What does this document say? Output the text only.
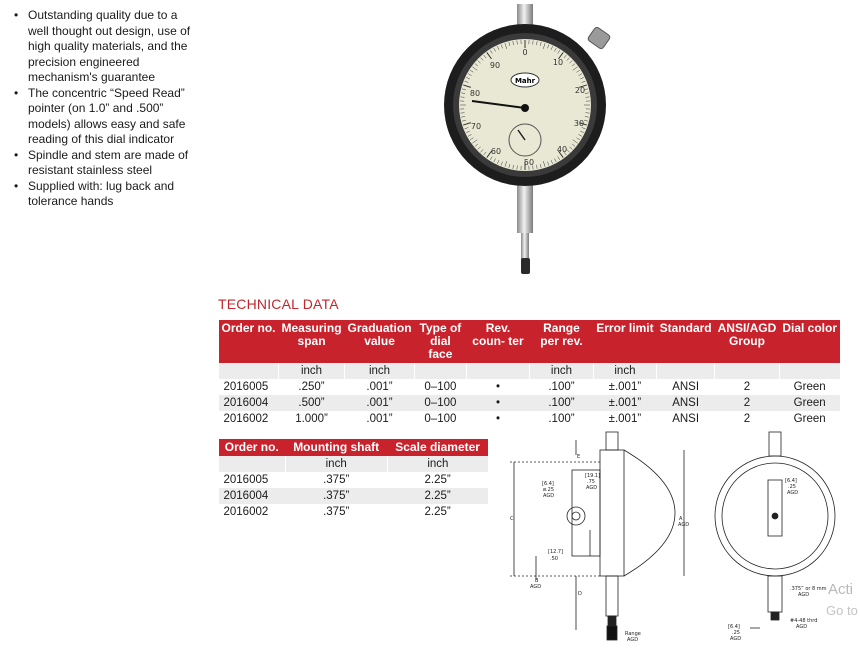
• Outstanding quality due to a well thought out design, use of high quality materials, and the precision engineered mechanism's guarantee
• The concentric “Speed Read” pointer (on 1.0” and .500” models) allows easy and safe reading of this dial indicator
• Spindle and stem are made of resistant stainless steel
• Supplied with: lug back and tolerance hands
Mahr
0
10
20
30
40
50
60
70
80
90
TECHNICAL DATA
Order no.	Measuring span	Graduation value	Type of dial face	Rev. coun- ter	Range per rev.	Error limit	Standard	ANSI/AGD Group	Dial color
	inch	inch			inch	inch			
2016005	.250”	.001”	0–100	•	.100”	±.001”	ANSI	2	Green
2016004	.500”	.001”	0–100	•	.100”	±.001”	ANSI	2	Green
2016002	1.000”	.001”	0–100	•	.100”	±.001”	ANSI	2	Green
Order no.	Mounting shaft	Scale diameter
	inch	inch
2016005	.375”	2.25”
2016004	.375”	2.25”
2016002	.375”	2.25”
E
[19.1]
.75
AGD
[6.4]
ø.25
AGD
C
[12.7]
.50
B
AGD
D
A
AGD
Range
AGD
[6.4]
.25
AGD
.375” or 8 mm
AGD
#4-48 thrd
AGD
[6.4]
.25
AGD
Acti
Go to
